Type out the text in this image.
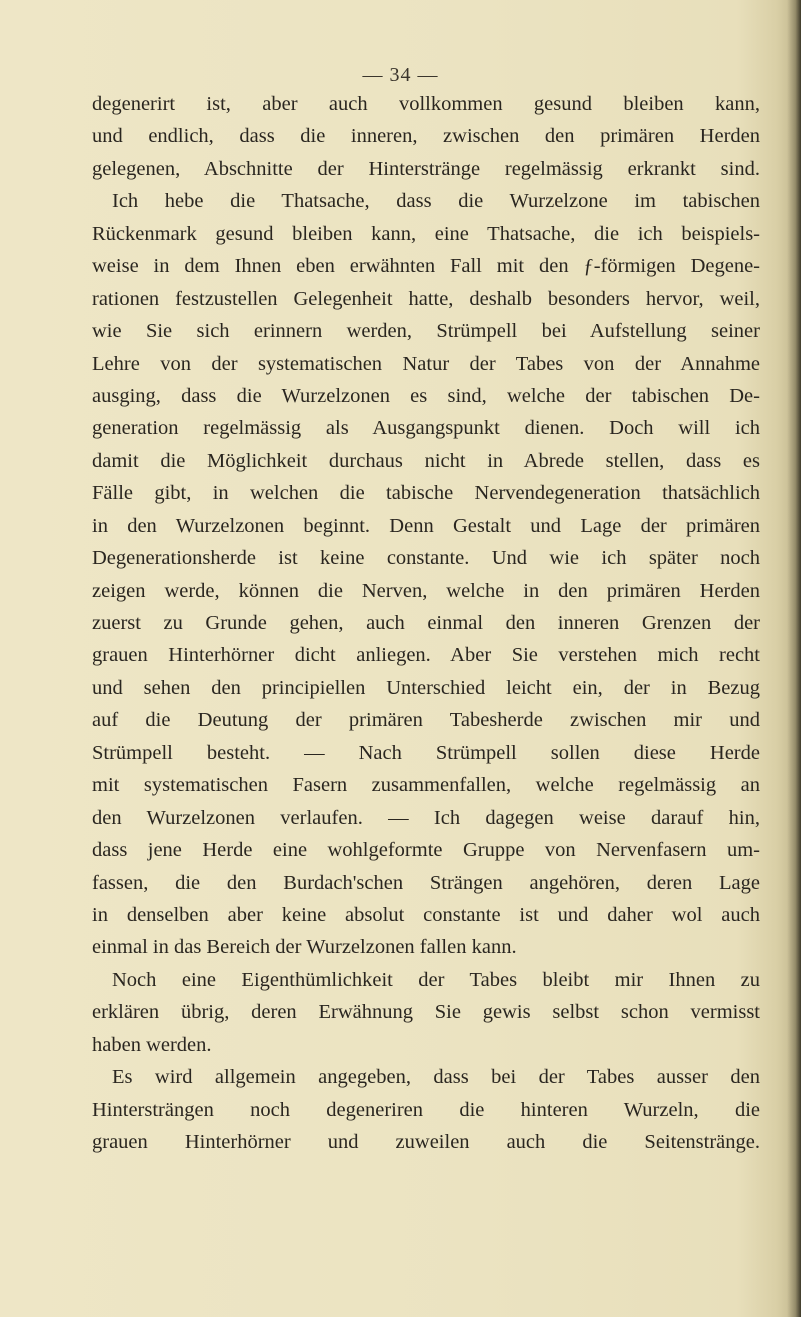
— 34 —
degenerirt ist, aber auch vollkommen gesund bleiben kann,
und endlich, dass die inneren, zwischen den primären Herden
gelegenen, Abschnitte der Hinterstränge regelmässig erkrankt sind.
Ich hebe die Thatsache, dass die Wurzelzone im tabischen
Rückenmark gesund bleiben kann, eine Thatsache, die ich beispiels-
weise in dem Ihnen eben erwähnten Fall mit den ƒ-förmigen Degene-
rationen festzustellen Gelegenheit hatte, deshalb besonders hervor, weil,
wie Sie sich erinnern werden, Strümpell bei Aufstellung seiner
Lehre von der systematischen Natur der Tabes von der Annahme
ausging, dass die Wurzelzonen es sind, welche der tabischen De-
generation regelmässig als Ausgangspunkt dienen. Doch will ich
damit die Möglichkeit durchaus nicht in Abrede stellen, dass es
Fälle gibt, in welchen die tabische Nervendegeneration thatsächlich
in den Wurzelzonen beginnt. Denn Gestalt und Lage der primären
Degenerationsherde ist keine constante. Und wie ich später noch
zeigen werde, können die Nerven, welche in den primären Herden
zuerst zu Grunde gehen, auch einmal den inneren Grenzen der
grauen Hinterhörner dicht anliegen. Aber Sie verstehen mich recht
und sehen den principiellen Unterschied leicht ein, der in Bezug
auf die Deutung der primären Tabesherde zwischen mir und
Strümpell besteht. — Nach Strümpell sollen diese Herde
mit systematischen Fasern zusammenfallen, welche regelmässig an
den Wurzelzonen verlaufen. — Ich dagegen weise darauf hin,
dass jene Herde eine wohlgeformte Gruppe von Nervenfasern um-
fassen, die den Burdach'schen Strängen angehören, deren Lage
in denselben aber keine absolut constante ist und daher wol auch
einmal in das Bereich der Wurzelzonen fallen kann.
Noch eine Eigenthümlichkeit der Tabes bleibt mir Ihnen zu
erklären übrig, deren Erwähnung Sie gewis selbst schon vermisst
haben werden.
Es wird allgemein angegeben, dass bei der Tabes ausser den
Hintersträngen noch degeneriren die hinteren Wurzeln, die
grauen Hinterhörner und zuweilen auch die Seitenstränge.
